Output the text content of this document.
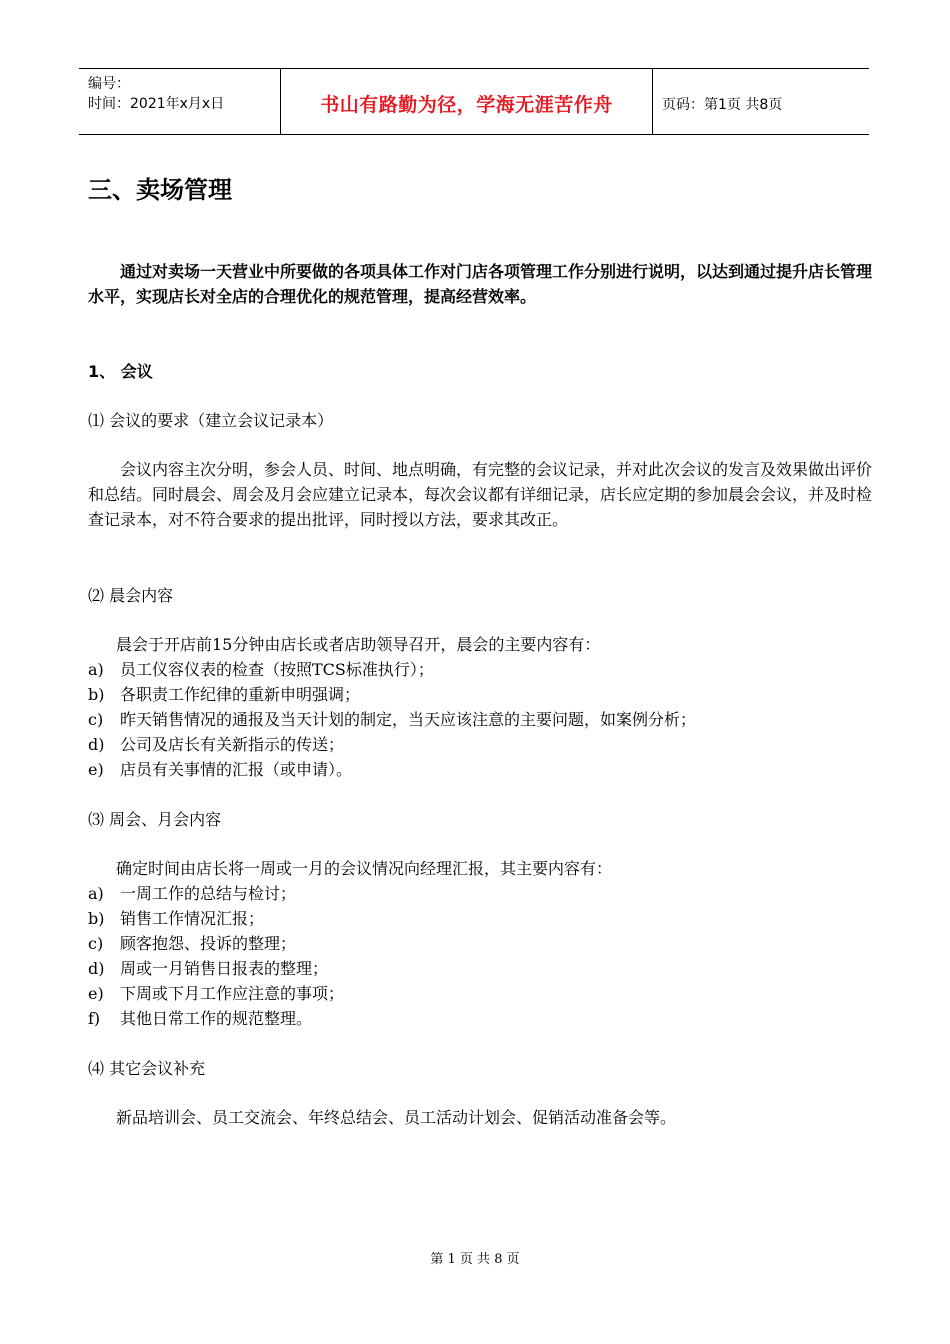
编号：
时间：2021年x月x日	书山有路勤为径，学海无涯苦作舟	页码：第1页 共8页
三、卖场管理

通过对卖场一天营业中所要做的各项具体工作对门店各项管理工作分别进行说明，以达到通过提升店长管理水平，实现店长对全店的合理优化的规范管理，提高经营效率。

1、 会议
⑴ 会议的要求（建立会议记录本）

会议内容主次分明，参会人员、时间、地点明确，有完整的会议记录，并对此次会议的发言及效果做出评价和总结。同时晨会、周会及月会应建立记录本，每次会议都有详细记录，店长应定期的参加晨会会议，并及时检查记录本，对不符合要求的提出批评，同时授以方法，要求其改正。

⑵ 晨会内容
晨会于开店前15分钟由店长或者店助领导召开，晨会的主要内容有：
a) 员工仪容仪表的检查（按照TCS标准执行）；
b) 各职责工作纪律的重新申明强调；
c) 昨天销售情况的通报及当天计划的制定，当天应该注意的主要问题，如案例分析；
d) 公司及店长有关新指示的传送；
e) 店员有关事情的汇报（或申请）。
⑶ 周会、月会内容
确定时间由店长将一周或一月的会议情况向经理汇报，其主要内容有：
a) 一周工作的总结与检讨；
b) 销售工作情况汇报；
c) 顾客抱怨、投诉的整理；
d) 周或一月销售日报表的整理；
e) 下周或下月工作应注意的事项；
f) 其他日常工作的规范整理。
⑷ 其它会议补充
新品培训会、员工交流会、年终总结会、员工活动计划会、促销活动准备会等。
第 1 页 共 8 页
